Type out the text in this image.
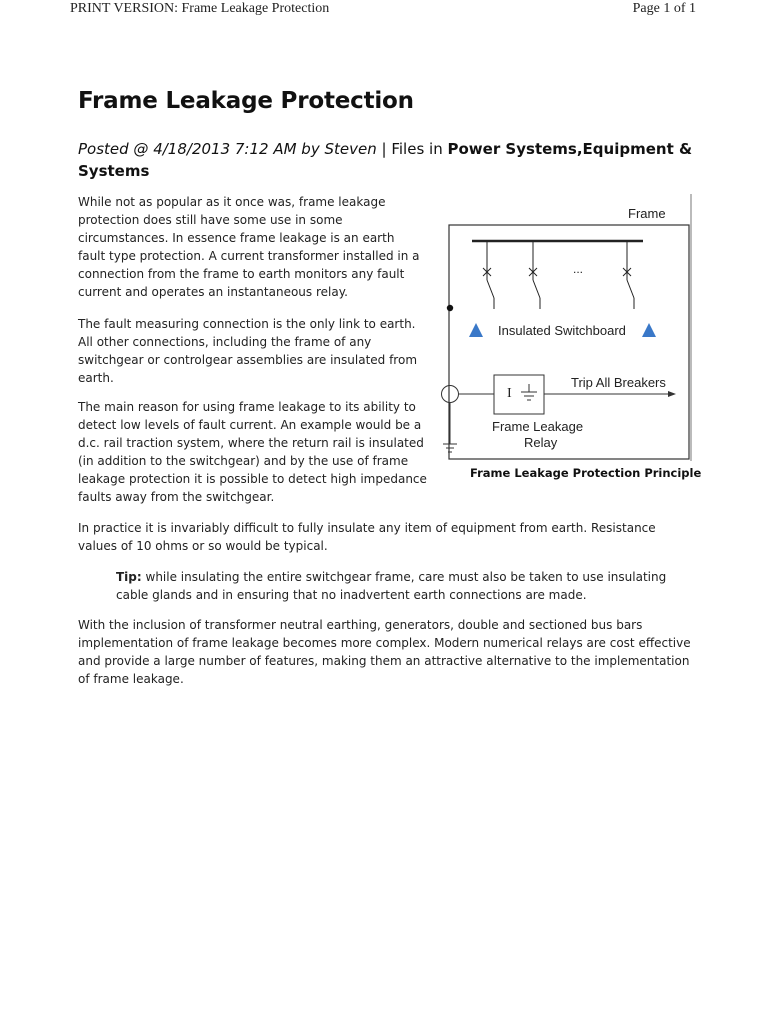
PRINT VERSION: Frame Leakage Protection	Page 1 of 1
Frame Leakage Protection
Posted @ 4/18/2013 7:12 AM by Steven | Files in Power Systems,Equipment & Systems

While not as popular as it once was, frame leakage protection does still have some use in some circumstances. In essence frame leakage is an earth fault type protection. A current transformer installed in a connection from the frame to earth monitors any fault current and operates an instantaneous relay.

The fault measuring connection is the only link to earth. All other connections, including the frame of any switchgear or controlgear assemblies are insulated from earth.

The main reason for using frame leakage to its ability to detect low levels of fault current. An example would be a d.c. rail traction system, where the return rail is insulated (in addition to the switchgear) and by the use of frame leakage protection it is possible to detect high impedance faults away from the switchgear.

Frame
...
Insulated Switchboard
Trip All Breakers
I
Frame Leakage
Relay
Frame Leakage Protection Principle

In practice it is invariably difficult to fully insulate any item of equipment from earth. Resistance values of 10 ohms or so would be typical.

Tip: while insulating the entire switchgear frame, care must also be taken to use insulating cable glands and in ensuring that no inadvertent earth connections are made.

With the inclusion of transformer neutral earthing, generators, double and sectioned bus bars implementation of frame leakage becomes more complex. Modern numerical relays are cost effective and provide a large number of features, making them an attractive alternative to the implementation of frame leakage.
